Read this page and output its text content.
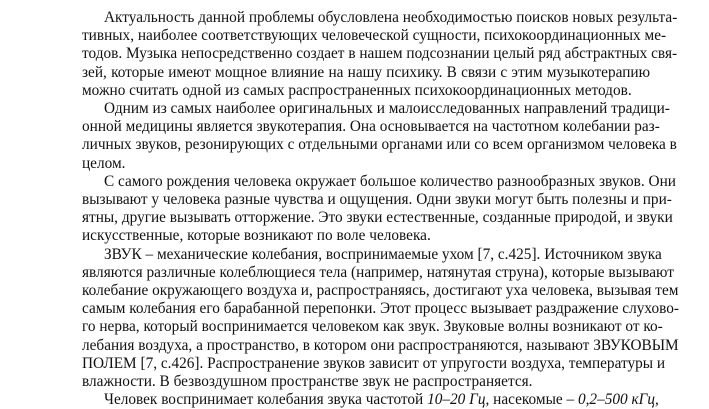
Актуальность данной проблемы обусловлена необходимостью поисков новых результа-
тивных, наиболее соответствующих человеческой сущности, психокоординационных ме-
тодов. Музыка непосредственно создает в нашем подсознании целый ряд абстрактных свя-
зей, которые имеют мощное влияние на нашу психику. В связи с этим музыкотерапию
можно считать одной из самых распространенных психокоординационных методов.
Одним из самых наиболее оригинальных и малоисследованных направлений традици-
онной медицины является звукотерапия. Она основывается на частотном колебании раз-
личных звуков, резонирующих с отдельными органами или со всем организмом человека в
целом.
С самого рождения человека окружает большое количество разнообразных звуков. Они
вызывают у человека разные чувства и ощущения. Одни звуки могут быть полезны и при-
ятны, другие вызывать отторжение. Это звуки естественные, созданные природой, и звуки
искусственные, которые возникают по воле человека.
ЗВУК – механические колебания, воспринимаемые ухом [7, с.425]. Источником звука
являются различные колеблющиеся тела (например, натянутая струна), которые вызывают
колебание окружающего воздуха и, распространяясь, достигают уха человека, вызывая тем
самым колебания его барабанной перепонки. Этот процесс вызывает раздражение слухово-
го нерва, который воспринимается человеком как звук. Звуковые волны возникают от ко-
лебания воздуха, а пространство, в котором они распространяются, называют ЗВУКОВЫМ
ПОЛЕМ [7, с.426]. Распространение звуков зависит от упругости воздуха, температуры и
влажности. В безвоздушном пространстве звук не распространяется.
Человек воспринимает колебания звука частотой 10–20 Гц, насекомые – 0,2–500 кГц,
